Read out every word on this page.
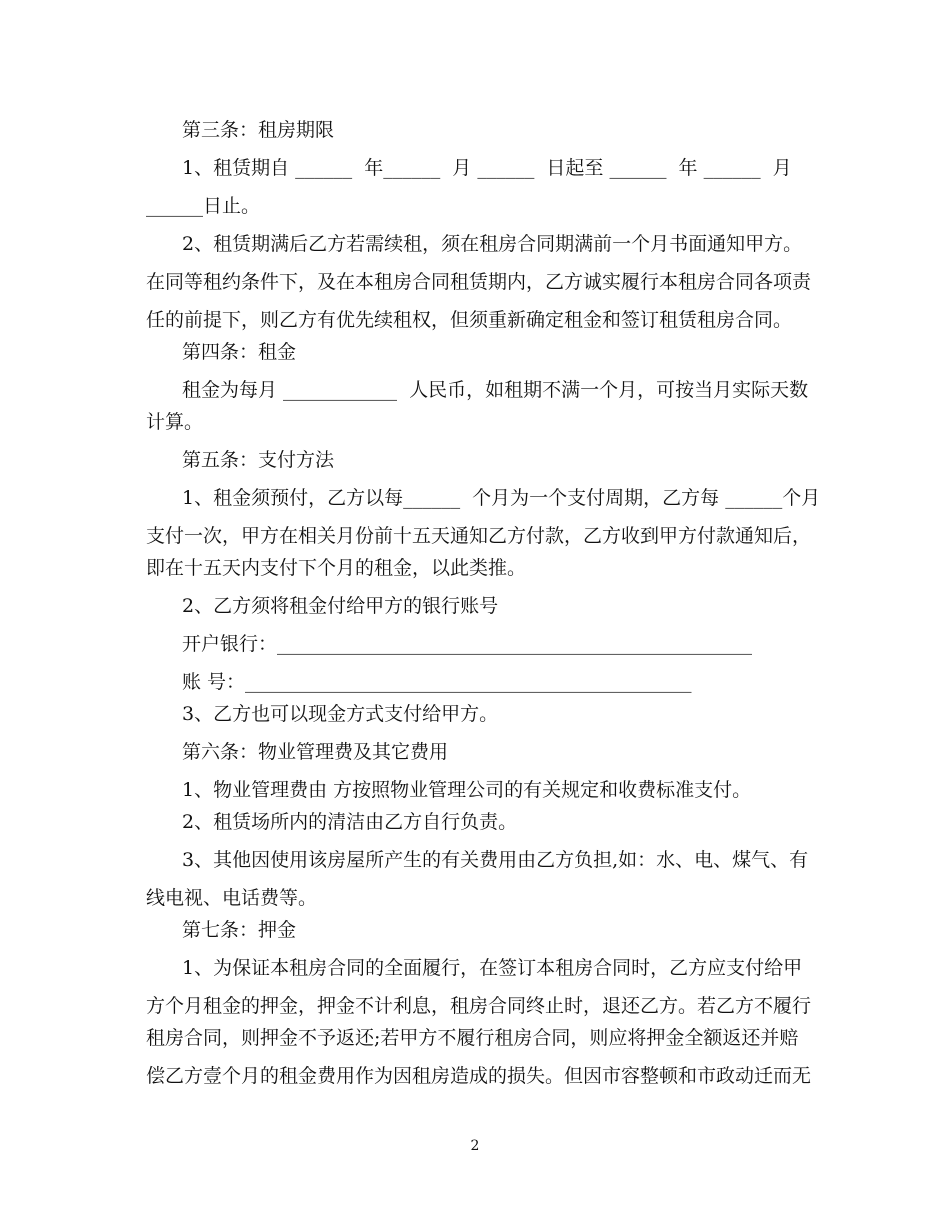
第三条：租房期限
1、租赁期自 ______  年______  月 ______  日起至 ______  年 ______  月
______日止。
2、租赁期满后乙方若需续租，须在租房合同期满前一个月书面通知甲方。
在同等租约条件下，及在本租房合同租赁期内，乙方诚实履行本租房合同各项责
任的前提下，则乙方有优先续租权，但须重新确定租金和签订租赁租房合同。
第四条：租金
租金为每月 ____________  人民币，如租期不满一个月，可按当月实际天数
计算。
第五条：支付方法
1、租金须预付，乙方以每______  个月为一个支付周期，乙方每 ______个月
支付一次，甲方在相关月份前十五天通知乙方付款，乙方收到甲方付款通知后，
即在十五天内支付下个月的租金，以此类推。
2、乙方须将租金付给甲方的银行账号
开户银行：__________________________________________________
账 号：_______________________________________________
3、乙方也可以现金方式支付给甲方。
第六条：物业管理费及其它费用
1、物业管理费由 方按照物业管理公司的有关规定和收费标准支付。
2、租赁场所内的清洁由乙方自行负责。
3、其他因使用该房屋所产生的有关费用由乙方负担,如：水、电、煤气、有
线电视、电话费等。
第七条：押金
1、为保证本租房合同的全面履行，在签订本租房合同时，乙方应支付给甲
方个月租金的押金，押金不计利息，租房合同终止时，退还乙方。若乙方不履行
租房合同，则押金不予返还;若甲方不履行租房合同，则应将押金全额返还并赔
偿乙方壹个月的租金费用作为因租房造成的损失。但因市容整顿和市政动迁而无
2
